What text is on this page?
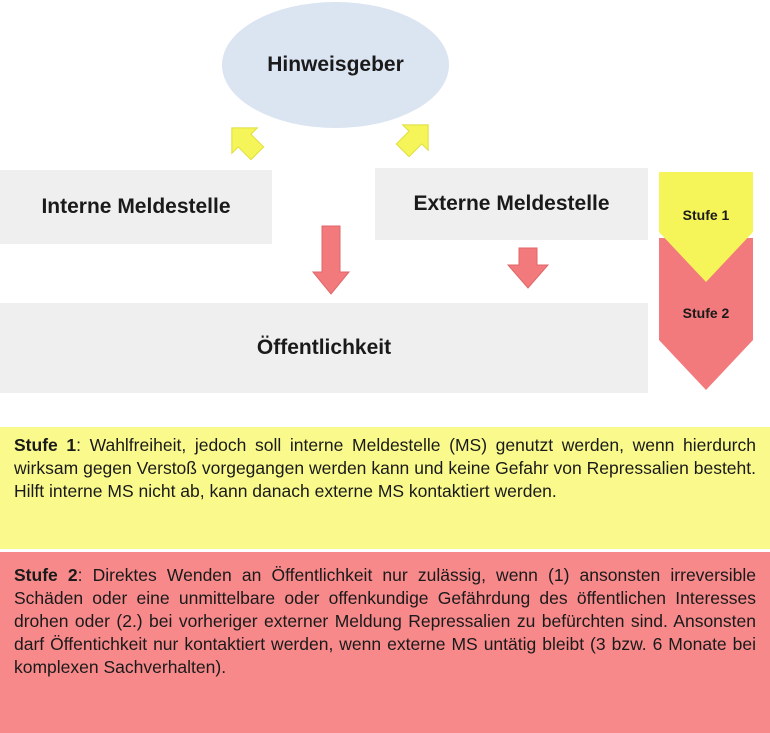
Hinweisgeber
Interne Meldestelle	Externe Meldestelle
Öffentlichkeit
Stufe 1
Stufe 2
Stufe 1: Wahlfreiheit, jedoch soll interne Meldestelle (MS) genutzt werden, wenn hierdurch wirksam gegen Verstoß vorgegangen werden kann und keine Gefahr von Repressalien besteht. Hilft interne MS nicht ab, kann danach externe MS kontaktiert werden.
Stufe 2: Direktes Wenden an Öffentlichkeit nur zulässig, wenn (1) ansonsten irreversible Schäden oder eine unmittelbare oder offenkundige Gefährdung des öffentlichen Interesses drohen oder (2.) bei vorheriger externer Meldung Repressalien zu befürchten sind. Ansonsten darf Öffentichkeit nur kontaktiert werden, wenn externe MS untätig bleibt (3 bzw. 6 Monate bei komplexen Sachverhalten).
